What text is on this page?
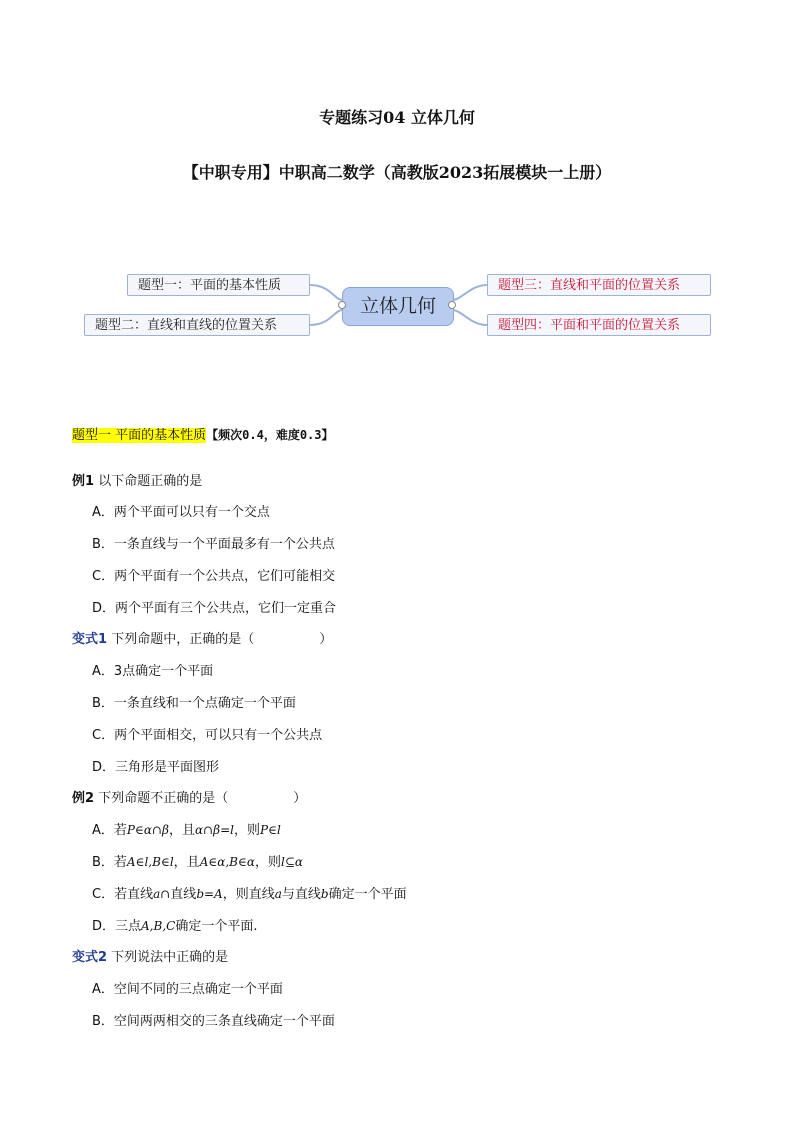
专题练习04 立体几何
【中职专用】中职高二数学（高教版2023拓展模块一上册）
题型一：平面的基本性质
题型二：直线和直线的位置关系
立体几何
题型三：直线和平面的位置关系
题型四：平面和平面的位置关系
题型一 平面的基本性质【频次0.4，难度0.3】
例1 以下命题正确的是
A．两个平面可以只有一个交点
B．一条直线与一个平面最多有一个公共点
C．两个平面有一个公共点，它们可能相交
D．两个平面有三个公共点，它们一定重合
变式1 下列命题中，正确的是（　　　　　）
A．3点确定一个平面
B．一条直线和一个点确定一个平面
C．两个平面相交，可以只有一个公共点
D．三角形是平面图形
例2 下列命题不正确的是（　　　　　）
A．若P∈α∩β，且α∩β=l，则P∈l
B．若A∈l,B∈l，且A∈α,B∈α，则l⊆α
C．若直线a∩直线b=A，则直线a与直线b确定一个平面
D．三点A,B,C确定一个平面.
变式2 下列说法中正确的是
A．空间不同的三点确定一个平面
B．空间两两相交的三条直线确定一个平面
